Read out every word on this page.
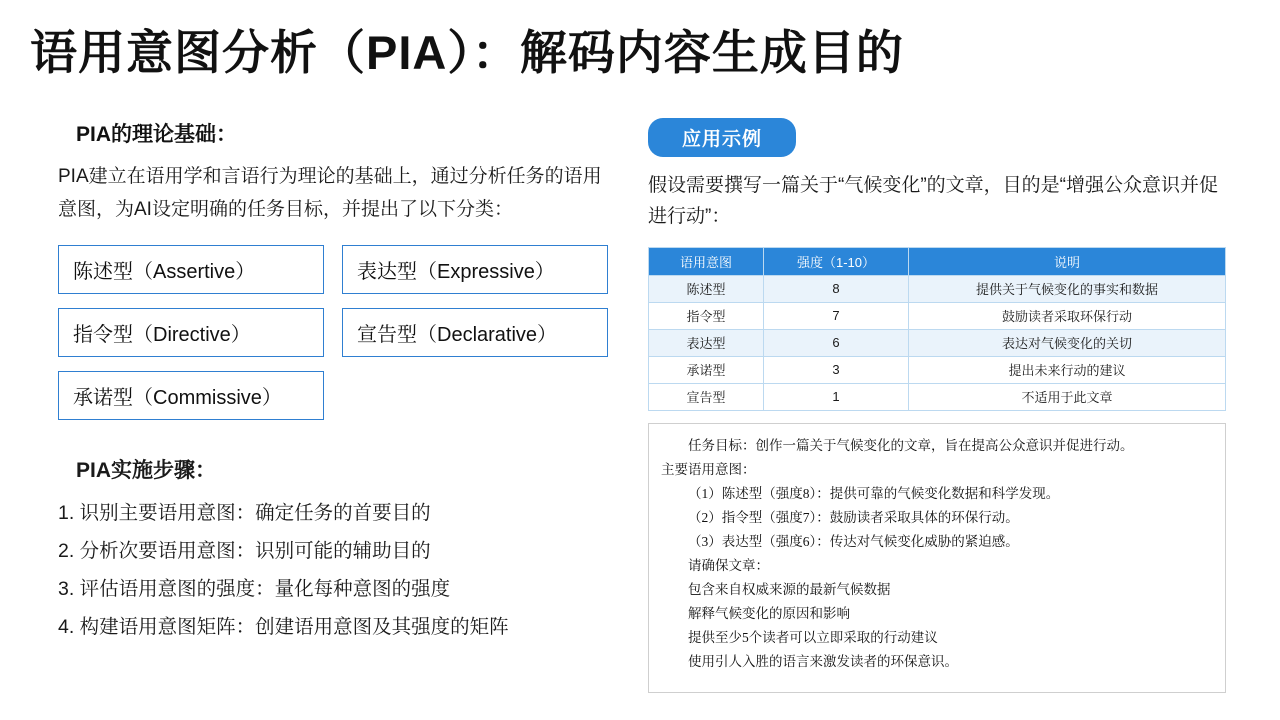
语用意图分析（PIA）：解码内容生成目的
PIA的理论基础：

PIA建立在语用学和言语行为理论的基础上，通过分析任务的语用意图，为AI设定明确的任务目标，并提出了以下分类：

陈述型（Assertive）	表达型（Expressive）
指令型（Directive）	宣告型（Declarative）
承诺型（Commissive）
PIA实施步骤：
1. 识别主要语用意图：确定任务的首要目的
2. 分析次要语用意图：识别可能的辅助目的
3. 评估语用意图的强度：量化每种意图的强度
4. 构建语用意图矩阵：创建语用意图及其强度的矩阵
应用示例

假设需要撰写一篇关于“气候变化”的文章，目的是“增强公众意识并促进行动”：

语用意图	强度（1-10）	说明
陈述型	8	提供关于气候变化的事实和数据
指令型	7	鼓励读者采取环保行动
表达型	6	表达对气候变化的关切
承诺型	3	提出未来行动的建议
宣告型	1	不适用于此文章
任务目标：创作一篇关于气候变化的文章，旨在提高公众意识并促进行动。
主要语用意图：
（1）陈述型（强度8）：提供可靠的气候变化数据和科学发现。
（2）指令型（强度7）：鼓励读者采取具体的环保行动。
（3）表达型（强度6）：传达对气候变化威胁的紧迫感。
请确保文章：
包含来自权威来源的最新气候数据
解释气候变化的原因和影响
提供至少5个读者可以立即采取的行动建议
使用引人入胜的语言来激发读者的环保意识。
